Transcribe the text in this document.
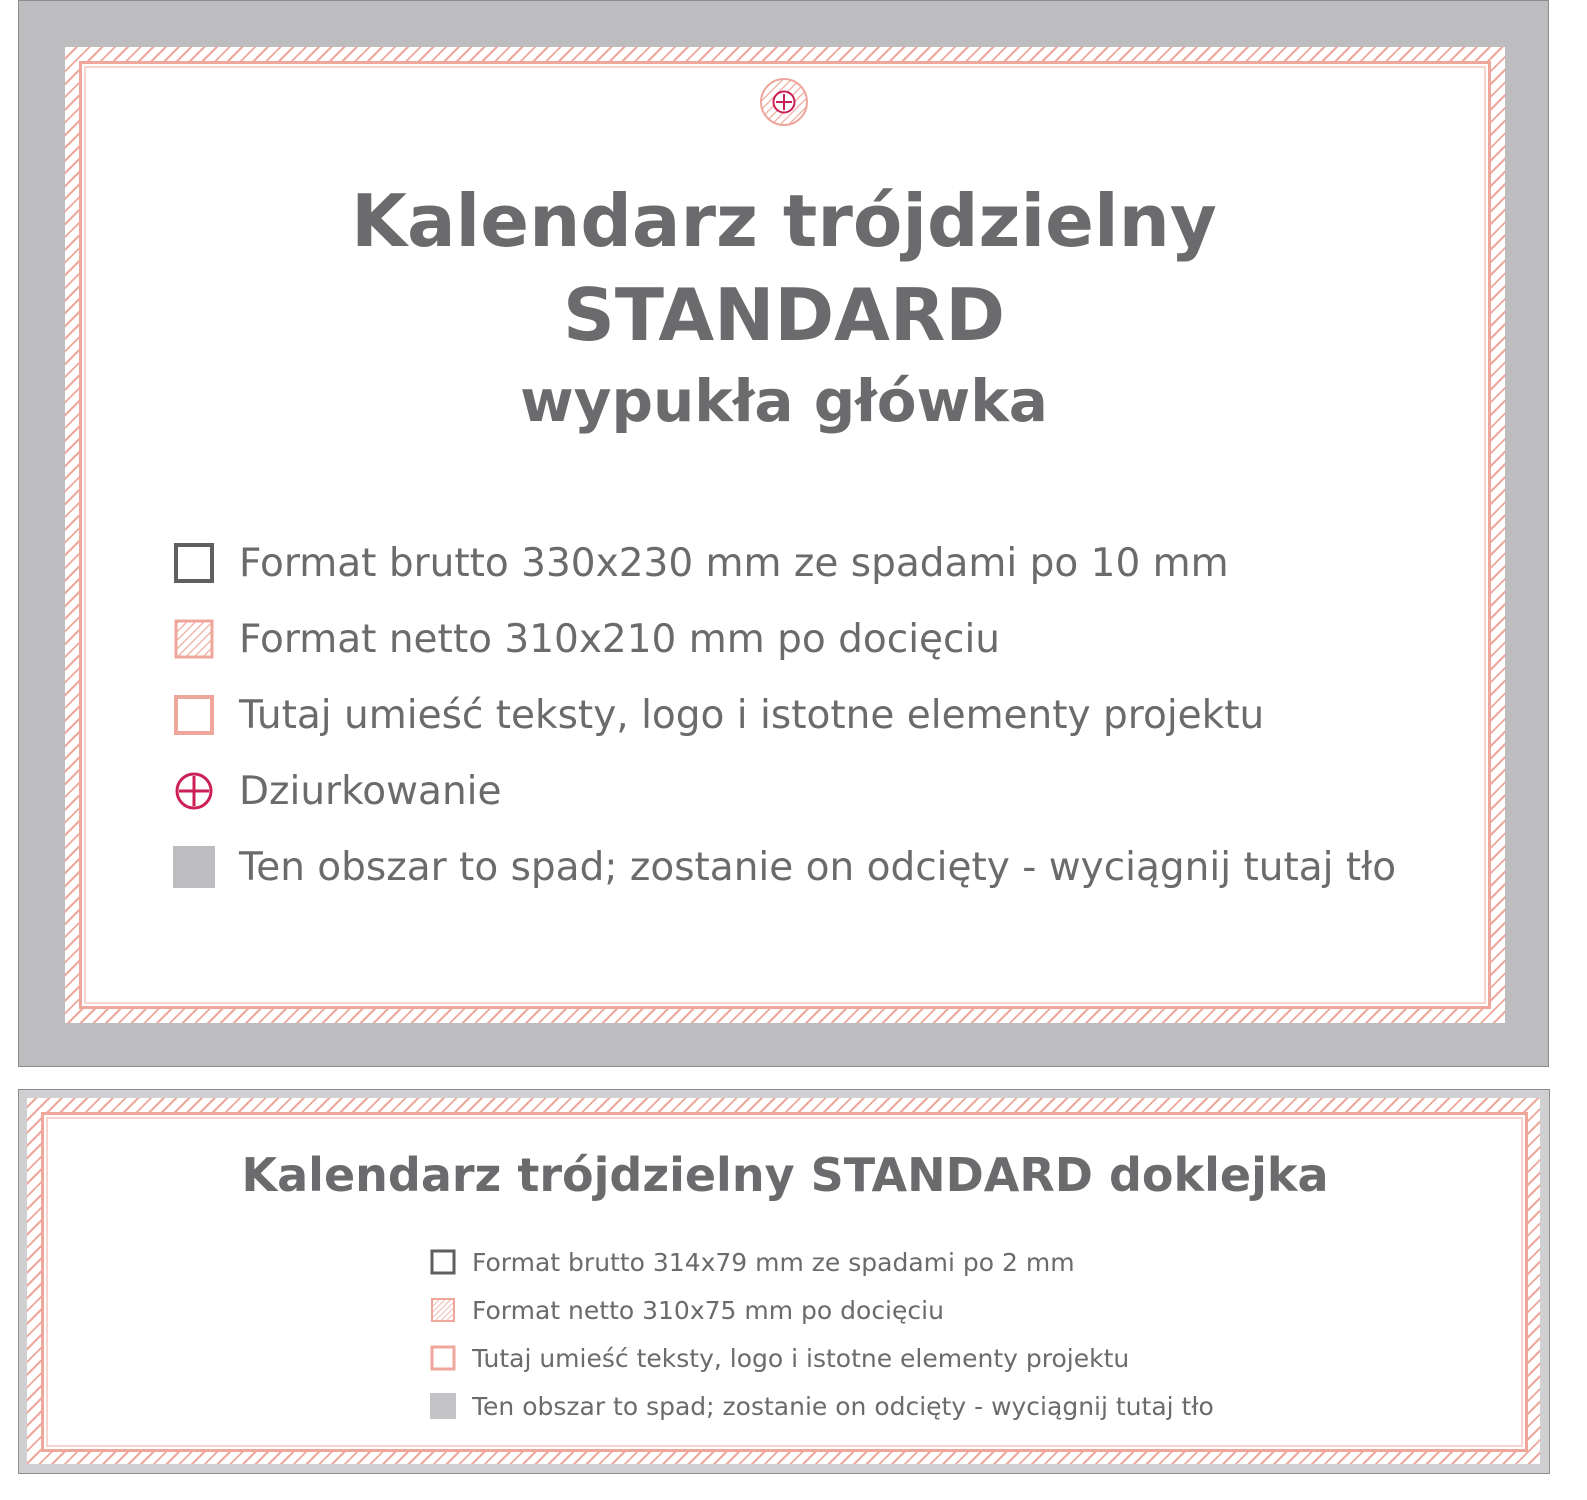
Kalendarz trójdzielny
STANDARD
wypukła główka
Format brutto 330x230 mm ze spadami po 10 mm
Format netto 310x210 mm po docięciu
Tutaj umieść teksty, logo i istotne elementy projektu
Dziurkowanie
Ten obszar to spad; zostanie on odcięty - wyciągnij tutaj tło
Kalendarz trójdzielny STANDARD doklejka
Format brutto 314x79 mm ze spadami po 2 mm
Format netto 310x75 mm po docięciu
Tutaj umieść teksty, logo i istotne elementy projektu
Ten obszar to spad; zostanie on odcięty - wyciągnij tutaj tło
